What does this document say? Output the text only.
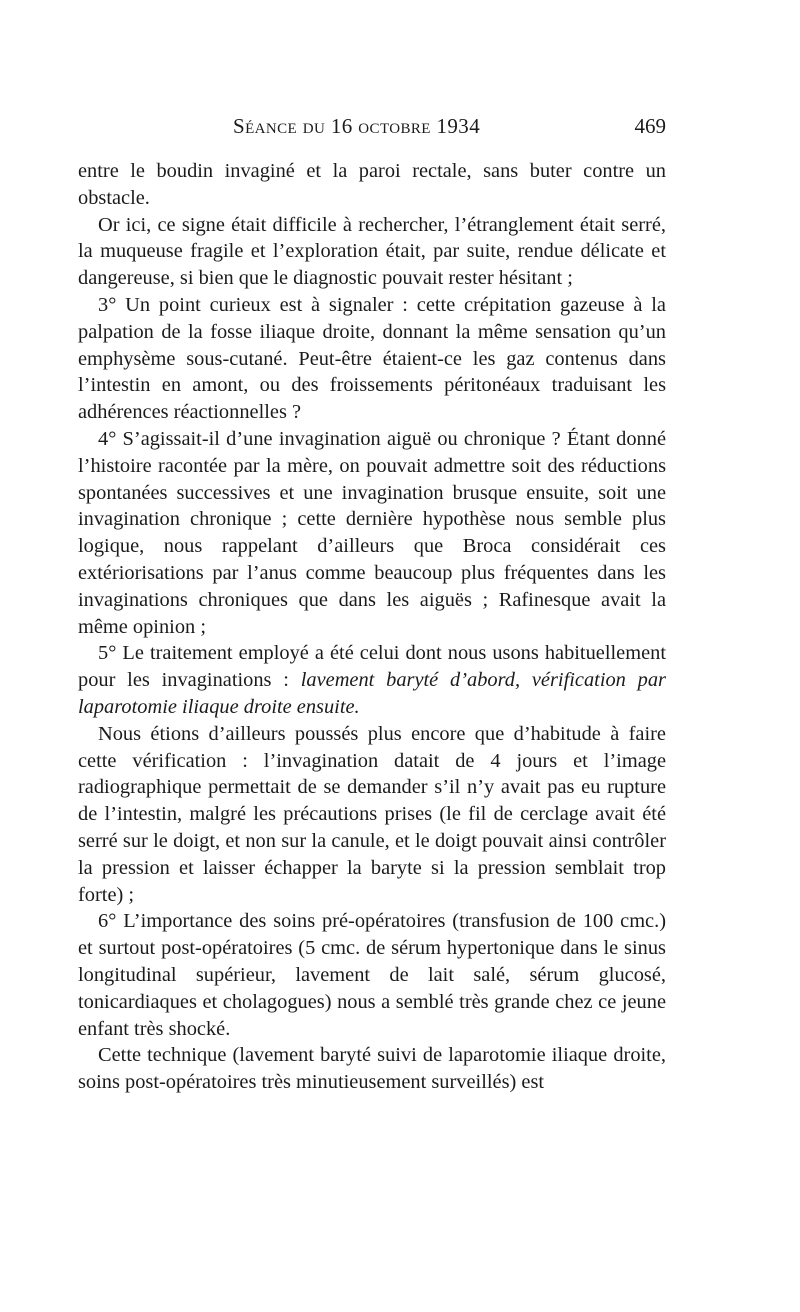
Séance du 16 octobre 1934	469

entre le boudin invaginé et la paroi rectale, sans buter contre un obstacle.

Or ici, ce signe était difficile à rechercher, l’étranglement était serré, la muqueuse fragile et l’exploration était, par suite, rendue délicate et dangereuse, si bien que le diagnostic pouvait rester hésitant ;

3° Un point curieux est à signaler : cette crépitation gazeuse à la palpation de la fosse iliaque droite, donnant la même sensation qu’un emphysème sous-cutané. Peut-être étaient-ce les gaz contenus dans l’intestin en amont, ou des froissements péritonéaux traduisant les adhérences réactionnelles ?

4° S’agissait-il d’une invagination aiguë ou chronique ? Étant donné l’histoire racontée par la mère, on pouvait admettre soit des réductions spontanées successives et une invagination brusque ensuite, soit une invagination chronique ; cette dernière hypothèse nous semble plus logique, nous rappelant d’ailleurs que Broca considérait ces extériorisations par l’anus comme beaucoup plus fréquentes dans les invaginations chroniques que dans les aiguës ; Rafinesque avait la même opinion ;

5° Le traitement employé a été celui dont nous usons habituellement pour les invaginations : lavement baryté d’abord, vérification par laparotomie iliaque droite ensuite.

Nous étions d’ailleurs poussés plus encore que d’habitude à faire cette vérification : l’invagination datait de 4 jours et l’image radiographique permettait de se demander s’il n’y avait pas eu rupture de l’intestin, malgré les précautions prises (le fil de cerclage avait été serré sur le doigt, et non sur la canule, et le doigt pouvait ainsi contrôler la pression et laisser échapper la baryte si la pression semblait trop forte) ;

6° L’importance des soins pré-opératoires (transfusion de 100 cmc.) et surtout post-opératoires (5 cmc. de sérum hypertonique dans le sinus longitudinal supérieur, lavement de lait salé, sérum glucosé, tonicardiaques et cholagogues) nous a semblé très grande chez ce jeune enfant très shocké.

Cette technique (lavement baryté suivi de laparotomie iliaque droite, soins post-opératoires très minutieusement surveillés) est
